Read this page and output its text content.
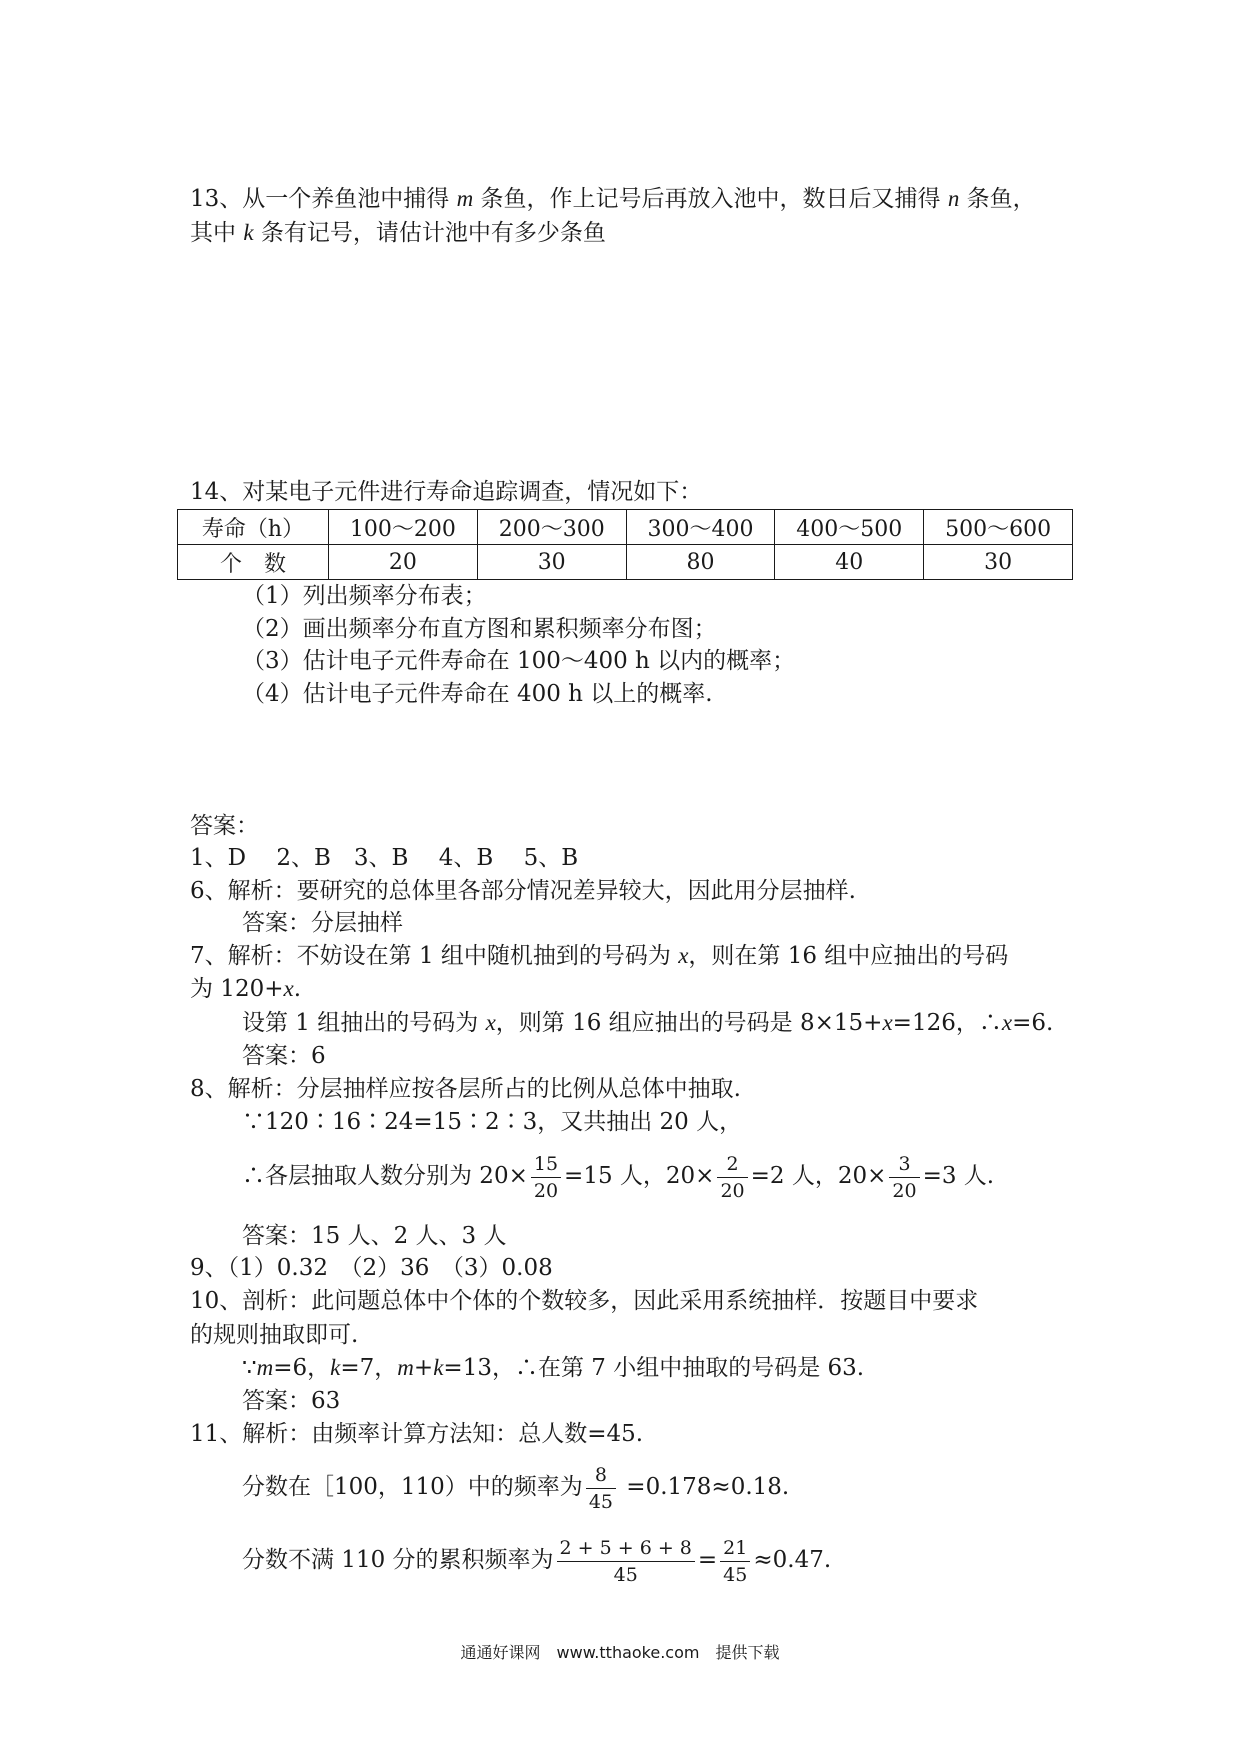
13、从一个养鱼池中捕得 m 条鱼，作上记号后再放入池中，数日后又捕得 n 条鱼，
其中 k 条有记号，请估计池中有多少条鱼
14、对某电子元件进行寿命追踪调查，情况如下：
寿命（h）	100～200	200～300	300～400	400～500	500～600
个　数	20	30	80	40	30
（1）列出频率分布表；
（2）画出频率分布直方图和累积频率分布图；
（3）估计电子元件寿命在 100～400 h 以内的概率；
（4）估计电子元件寿命在 400 h 以上的概率.
答案：
1、D　 2、B　3、B　 4、B　 5、B
6、解析：要研究的总体里各部分情况差异较大，因此用分层抽样.
答案：分层抽样
7、解析：不妨设在第 1 组中随机抽到的号码为 x，则在第 16 组中应抽出的号码
为 120+x.
设第 1 组抽出的号码为 x，则第 16 组应抽出的号码是 8×15+x=126，∴x=6.
答案：6
8、解析：分层抽样应按各层所占的比例从总体中抽取.
∵120∶16∶24=15∶2∶3，又共抽出 20 人，
∴各层抽取人数分别为 $20\times \frac{15}{20} =15$ 人，$20\times \frac{2}{20} =2$ 人，$20\times \frac{3}{20} =3$ 人.
答案：15 人、2 人、3 人
9、（1）0.32　（2）36　（3）0.08
10、剖析：此问题总体中个体的个数较多，因此采用系统抽样．按题目中要求
的规则抽取即可.
∵m=6，k=7，m+k=13，∴在第 7 小组中抽取的号码是 63.
答案：63
11、解析：由频率计算方法知：总人数=45.
分数在［100，110）中的频率为 $\frac{8}{45} =0.178\approx 0.18$.
分数不满 110 分的累积频率为 $\frac{2 + 5 + 6 + 8}{45} = \frac{21}{45} \approx 0.47$.
通通好课网　www.tthaoke.com　提供下载
